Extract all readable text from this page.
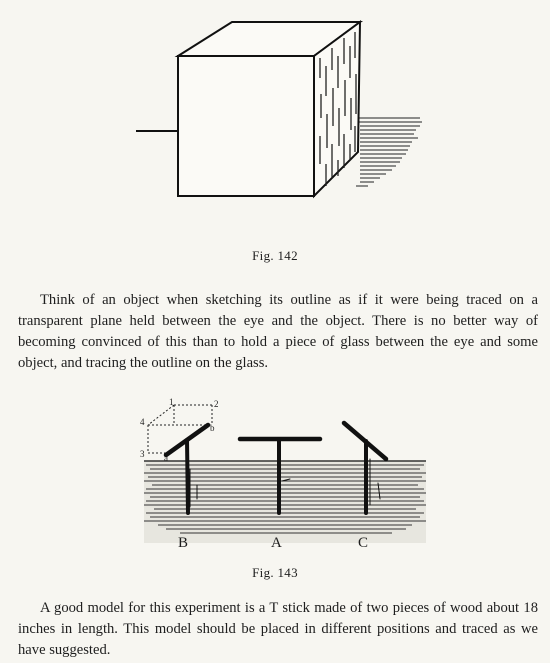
Fig. 142

Think of an object when sketching its outline as if it were being traced on a transparent plane held between the eye and the object. There is no better way of becoming convinced of this than to hold a piece of glass between the eye and some object, and tracing the outline on the glass.

1	2
4
b
3 a
B	A	C
Fig. 143

A good model for this experiment is a T stick made of two pieces of wood about 18 inches in length. This model should be placed in different positions and traced as we have suggested.
